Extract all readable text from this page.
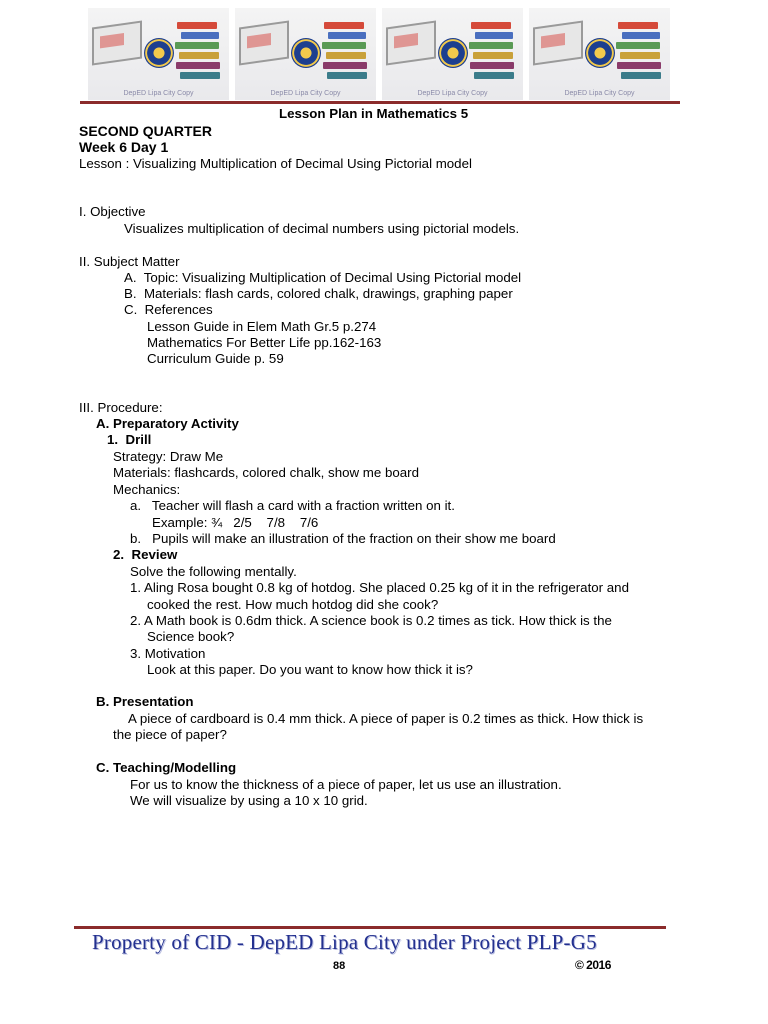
DepED Lipa City Copy	DepED Lipa City Copy	DepED Lipa City Copy	DepED Lipa City Copy
Lesson Plan in Mathematics 5
SECOND QUARTER
Week 6 Day 1
Lesson : Visualizing Multiplication of Decimal Using Pictorial model
I. Objective
Visualizes multiplication of decimal numbers using pictorial models.
II. Subject Matter
A.  Topic: Visualizing Multiplication of Decimal Using Pictorial model
B.  Materials: flash cards, colored chalk, drawings, graphing paper
C.  References
Lesson Guide in Elem Math Gr.5 p.274
Mathematics For Better Life pp.162-163
Curriculum Guide p. 59
III. Procedure:
A. Preparatory Activity
1.  Drill
Strategy: Draw Me
Materials: flashcards, colored chalk, show me board
Mechanics:
a.   Teacher will flash a card with a fraction written on it.
Example: ¾   2/5    7/8    7/6
b.   Pupils will make an illustration of the fraction on their show me board
2.  Review
Solve the following mentally.
1. Aling Rosa bought 0.8 kg of hotdog. She placed 0.25 kg of it in the refrigerator and
cooked the rest. How much hotdog did she cook?
2. A Math book is 0.6dm thick. A science book is 0.2 times as tick. How thick is the
Science book?
3. Motivation
Look at this paper. Do you want to know how thick it is?
B. Presentation
A piece of cardboard is 0.4 mm thick. A piece of paper is 0.2 times as thick. How thick is
the piece of paper?
C. Teaching/Modelling
For us to know the thickness of a piece of paper, let us use an illustration.
We will visualize by using a 10 x 10 grid.
Property of CID - DepED Lipa City under Project PLP-G5
88	© 2016
